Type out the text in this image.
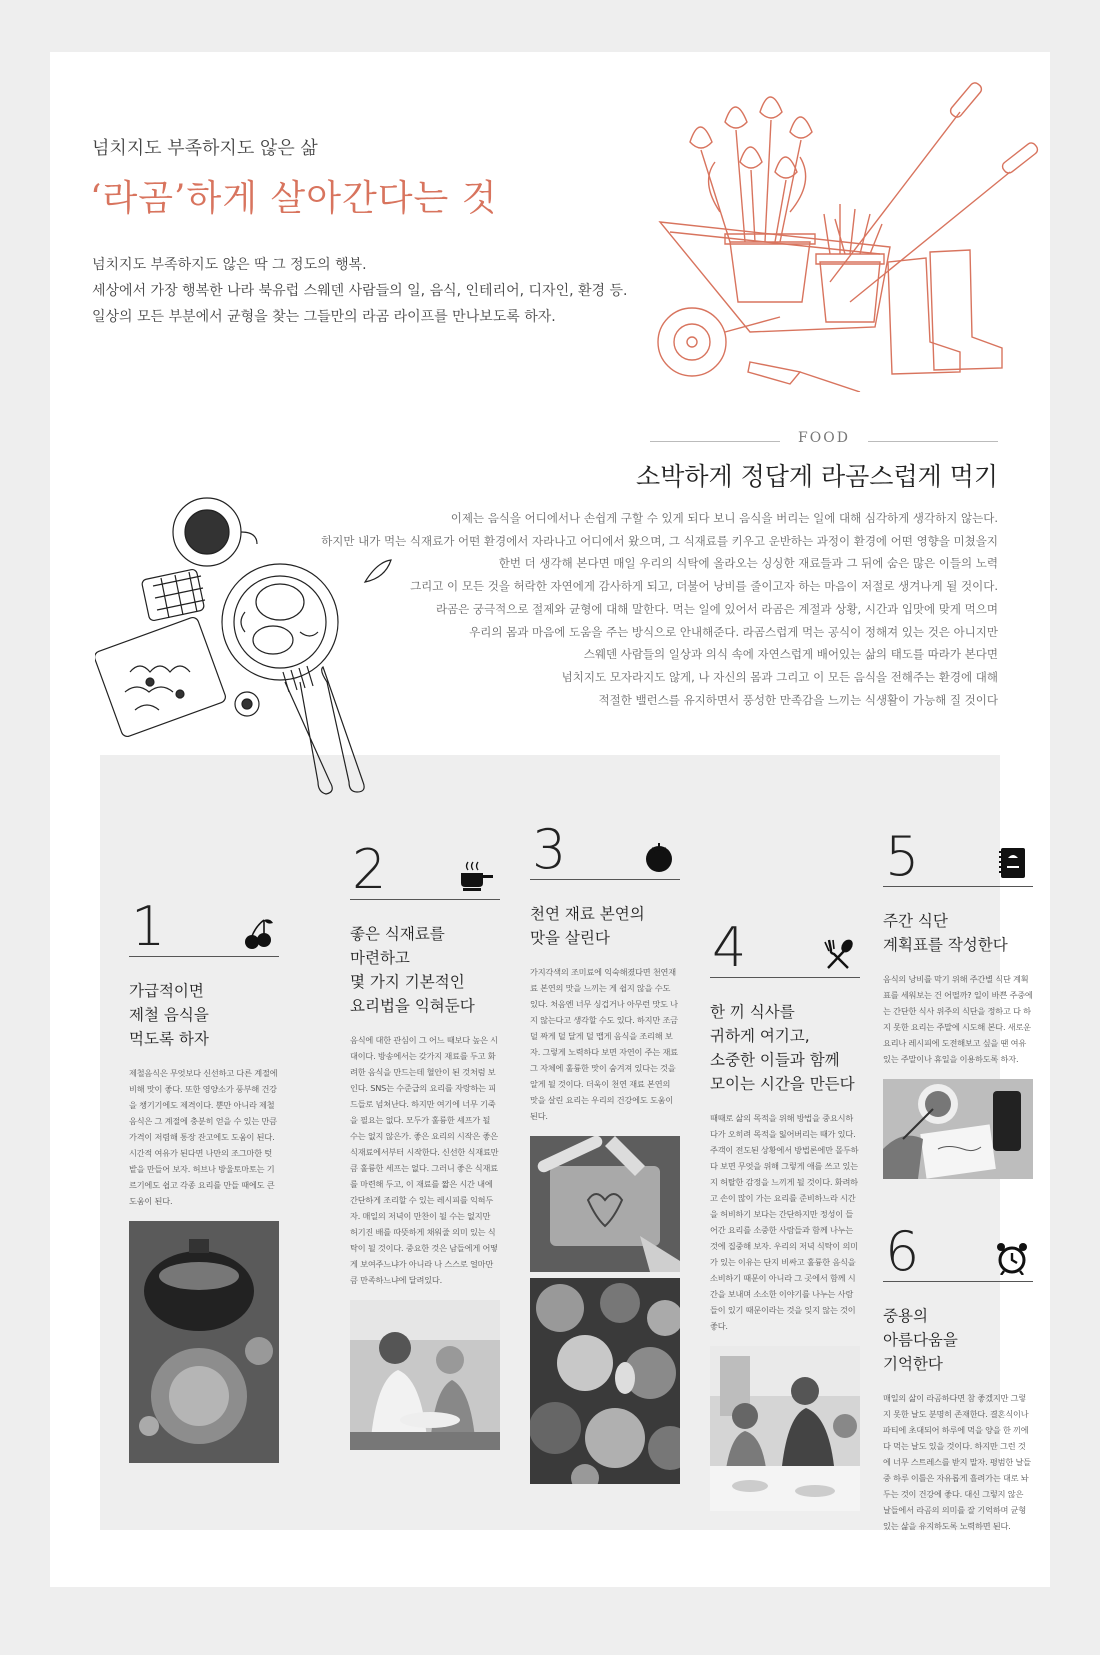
넘치지도 부족하지도 않은 삶
‘라곰’하게 살아간다는 것

넘치지도 부족하지도 않은 딱 그 정도의 행복.

세상에서 가장 행복한 나라 북유럽 스웨덴 사람들의 일, 음식, 인테리어, 디자인, 환경 등.

일상의 모든 부분에서 균형을 찾는 그들만의 라곰 라이프를 만나보도록 하자.

FOOD
소박하게 정답게 라곰스럽게 먹기

이제는 음식을 어디에서나 손쉽게 구할 수 있게 되다 보니 음식을 버리는 일에 대해 심각하게 생각하지 않는다.

하지만 내가 먹는 식재료가 어떤 환경에서 자라나고 어디에서 왔으며, 그 식재료를 키우고 운반하는 과정이 환경에 어떤 영향을 미쳤을지

한번 더 생각해 본다면 매일 우리의 식탁에 올라오는 싱싱한 재료들과 그 뒤에 숨은 많은 이들의 노력

그리고 이 모든 것을 허락한 자연에게 감사하게 되고, 더불어 낭비를 줄이고자 하는 마음이 저절로 생겨나게 될 것이다.

라곰은 궁극적으로 절제와 균형에 대해 말한다. 먹는 일에 있어서 라곰은 계절과 상황, 시간과 입맛에 맞게 먹으며

우리의 몸과 마음에 도움을 주는 방식으로 안내해준다. 라곰스럽게 먹는 공식이 정해져 있는 것은 아니지만

스웨덴 사람들의 일상과 의식 속에 자연스럽게 배어있는 삶의 태도를 따라가 본다면

넘치지도 모자라지도 않게, 나 자신의 몸과 그리고 이 모든 음식을 전해주는 환경에 대해

적절한 밸런스를 유지하면서 풍성한 만족감을 느끼는 식생활이 가능해 질 것이다

1
가급적이면
제철 음식을
먹도록 하자
제철음식은 무엇보다 신선하고 다른 계절에 비해 맛이 좋다. 또한 영양소가 풍부해 건강을 챙기기에도 제격이다. 뿐만 아니라 제철음식은 그 계절에 충분히 얻을 수 있는 만큼 가격이 저렴해 통장 잔고에도 도움이 된다. 시간적 여유가 된다면 나만의 조그마한 텃밭을 만들어 보자. 허브나 방울토마토는 기르기에도 쉽고 각종 요리를 만들 때에도 큰 도움이 된다.
2
좋은 식재료를
마련하고
몇 가지 기본적인
요리법을 익혀둔다
음식에 대한 관심이 그 어느 때보다 높은 시대이다. 방송에서는 갖가지 재료를 두고 화려한 음식을 만드는데 혈안이 된 것처럼 보인다. SNS는 수준급의 요리를 자랑하는 피드들로 넘쳐난다. 하지만 여기에 너무 기죽을 필요는 없다. 모두가 훌륭한 셰프가 될 수는 없지 않은가. 좋은 요리의 시작은 좋은 식재료에서부터 시작한다. 신선한 식재료만큼 훌륭한 세프는 없다. 그러니 좋은 식재료를 마련해 두고, 이 재료를 짧은 시간 내에 간단하게 조리할 수 있는 레시피를 익혀두자. 매일의 저녁이 만찬이 될 수는 없지만 허기진 배를 따뜻하게 채워줄 의미 있는 식탁이 될 것이다. 중요한 것은 남들에게 어떻게 보여주느냐가 아니라 나 스스로 얼마만큼 만족하느냐에 달려있다.
3
천연 재료 본연의
맛을 살린다
가지각색의 조미료에 익숙해졌다면 천연재료 본연의 맛을 느끼는 게 쉽지 않을 수도 있다. 처음엔 너무 싱겁거나 아무런 맛도 나지 않는다고 생각할 수도 있다. 하지만 조금 덜 짜게 덜 달게 덜 맵게 음식을 조리해 보자. 그렇게 노력하다 보면 자연이 주는 재료 그 자체에 훌륭한 맛이 숨겨져 있다는 것을 알게 될 것이다. 더욱이 천연 재료 본연의 맛을 살린 요리는 우리의 건강에도 도움이 된다.
4
한 끼 식사를
귀하게 여기고,
소중한 이들과 함께
모이는 시간을 만든다
때때로 삶의 목적을 위해 방법을 중요시하다가 오히려 목적을 잃어버리는 때가 있다. 주객이 전도된 상황에서 방법론에만 몰두하다 보면 무엇을 위해 그렇게 애를 쓰고 있는지 허탈한 감정을 느끼게 될 것이다. 화려하고 손이 많이 가는 요리를 준비하느라 시간을 허비하기 보다는 간단하지만 정성이 들어간 요리를 소중한 사람들과 함께 나누는 것에 집중해 보자. 우리의 저녁 식탁이 의미가 있는 이유는 단지 비싸고 훌륭한 음식을 소비하기 때문이 아니라 그 곳에서 함께 시간을 보내며 소소한 이야기를 나누는 사람들이 있기 때문이라는 것을 잊지 않는 것이 좋다.
5
주간 식단
계획표를 작성한다
음식의 낭비를 막기 위해 주간별 식단 계획표를 세워보는 건 어떨까? 일이 바쁜 주중에는 간단한 식사 위주의 식단을 정하고 다 하지 못한 요리는 주말에 시도해 본다. 새로운 요리나 레시피에 도전해보고 싶을 땐 여유 있는 주말이나 휴일을 이용하도록 하자.
6
중용의
아름다움을
기억한다
매일의 삶이 라곰하다면 참 좋겠지만 그렇지 못한 날도 분명히 존재한다. 결혼식이나 파티에 초대되어 하루에 먹을 양을 한 끼에 다 먹는 날도 있을 것이다. 하지만 그런 것에 너무 스트레스를 받지 말자. 평범한 날들 중 하루 이틀은 자유롭게 흘려가는 대로 놔두는 것이 건강에 좋다. 대신 그렇지 않은 날들에서 라곰의 의미를 잘 기억하며 균형 있는 삶을 유지하도록 노력하면 된다.
